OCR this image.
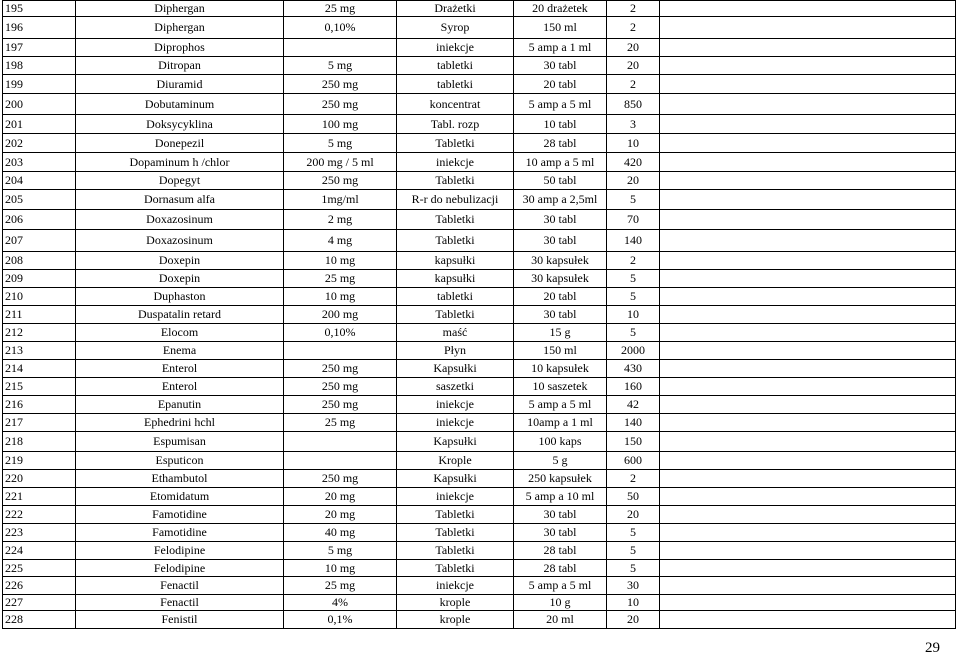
195	Diphergan	25 mg	Drażetki	20 drażetek	2	
196	Diphergan	0,10%	Syrop	150 ml	2	
197	Diprophos		iniekcje	5 amp a 1 ml	20	
198	Ditropan	5 mg	tabletki	30 tabl	20	
199	Diuramid	250 mg	tabletki	20 tabl	2	
200	Dobutaminum	250 mg	koncentrat	5 amp a 5 ml	850	
201	Doksycyklina	100 mg	Tabl. rozp	10 tabl	3	
202	Donepezil	5 mg	Tabletki	28 tabl	10	
203	Dopaminum h /chlor	200 mg / 5 ml	iniekcje	10 amp a 5 ml	420	
204	Dopegyt	250 mg	Tabletki	50 tabl	20	
205	Dornasum alfa	1mg/ml	R-r do nebulizacji	30 amp a 2,5ml	5	
206	Doxazosinum	2 mg	Tabletki	30 tabl	70	
207	Doxazosinum	4 mg	Tabletki	30 tabl	140	
208	Doxepin	10 mg	kapsułki	30 kapsułek	2	
209	Doxepin	25 mg	kapsułki	30 kapsułek	5	
210	Duphaston	10 mg	tabletki	20 tabl	5	
211	Duspatalin retard	200 mg	Tabletki	30 tabl	10	
212	Elocom	0,10%	maść	15 g	5	
213	Enema		Płyn	150 ml	2000	
214	Enterol	250 mg	Kapsułki	10 kapsułek	430	
215	Enterol	250 mg	saszetki	10 saszetek	160	
216	Epanutin	250 mg	iniekcje	5 amp a 5 ml	42	
217	Ephedrini hchl	25 mg	iniekcje	10amp a 1 ml	140	
218	Espumisan		Kapsułki	100 kaps	150	
219	Esputicon		Krople	5 g	600	
220	Ethambutol	250 mg	Kapsułki	250 kapsułek	2	
221	Etomidatum	20 mg	iniekcje	5 amp a 10 ml	50	
222	Famotidine	20 mg	Tabletki	30 tabl	20	
223	Famotidine	40 mg	Tabletki	30 tabl	5	
224	Felodipine	5 mg	Tabletki	28 tabl	5	
225	Felodipine	10 mg	Tabletki	28 tabl	5	
226	Fenactil	25 mg	iniekcje	5 amp a 5 ml	30	
227	Fenactil	4%	krople	10 g	10	
228	Fenistil	0,1%	krople	20 ml	20	
29
